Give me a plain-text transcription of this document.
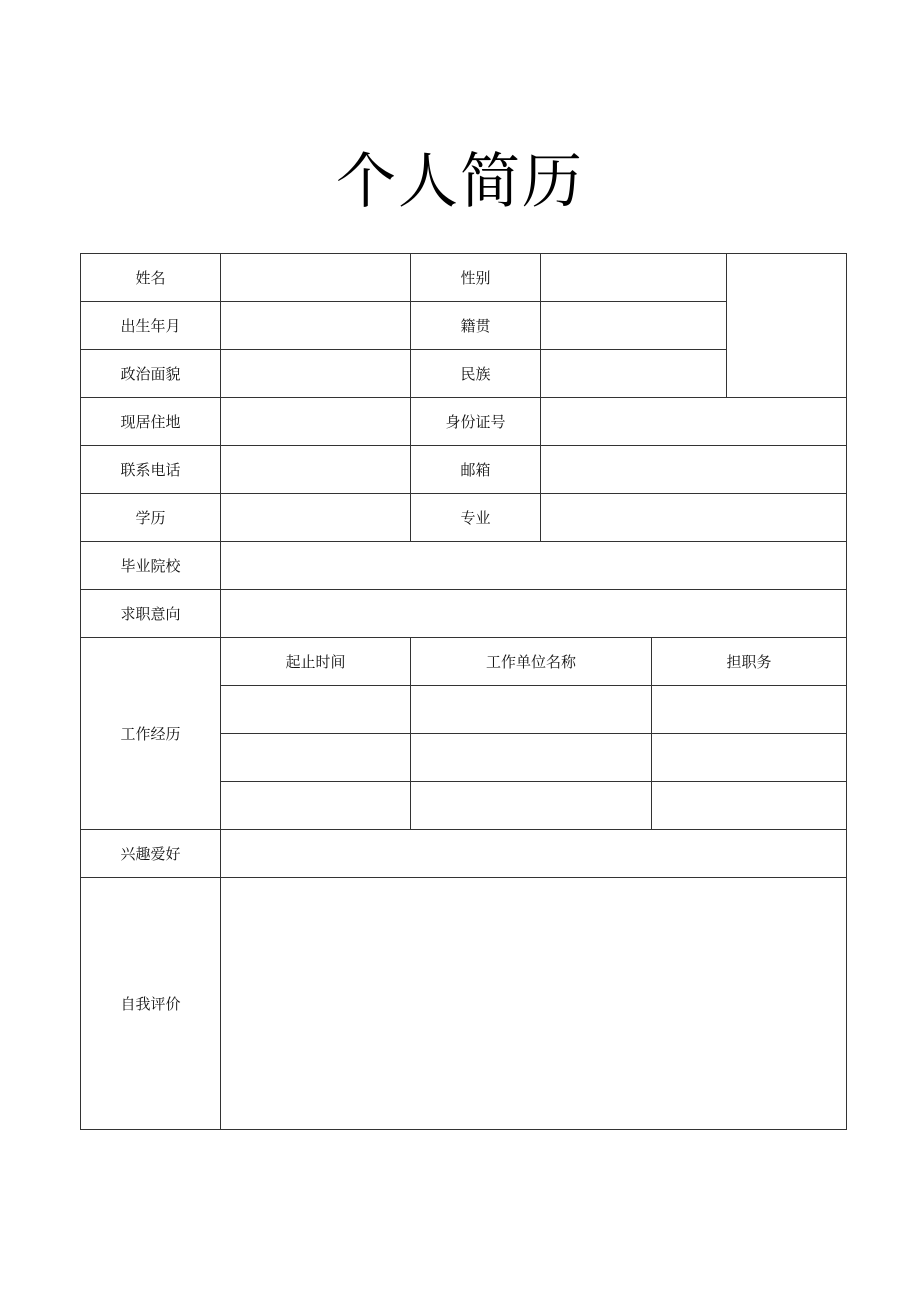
个人简历
姓名		性别			
出生年月		籍贯			
政治面貌		民族			
现居住地		身份证号			
联系电话		邮箱			
学历		专业			
毕业院校					
求职意向					
工作经历	起止时间	工作单位名称		担职务	

兴趣爱好					
自我评价					
